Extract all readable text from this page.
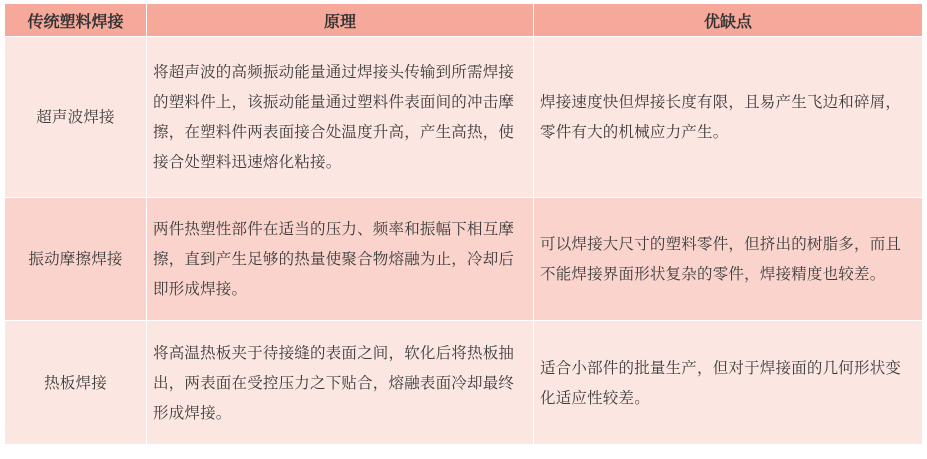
传统塑料焊接	原理	优缺点
超声波焊接	将超声波的高频振动能量通过焊接头传输到所需焊接的塑料件上，该振动能量通过塑料件表面间的冲击摩擦，在塑料件两表面接合处温度升高，产生高热，使接合处塑料迅速熔化粘接。	焊接速度快但焊接长度有限，且易产生飞边和碎屑，零件有大的机械应力产生。
振动摩擦焊接	两件热塑性部件在适当的压力、频率和振幅下相互摩擦，直到产生足够的热量使聚合物熔融为止，冷却后即形成焊接。	可以焊接大尺寸的塑料零件，但挤出的树脂多，而且不能焊接界面形状复杂的零件，焊接精度也较差。
热板焊接	将高温热板夹于待接缝的表面之间，软化后将热板抽出，两表面在受控压力之下贴合，熔融表面冷却最终形成焊接。	适合小部件的批量生产，但对于焊接面的几何形状变化适应性较差。
